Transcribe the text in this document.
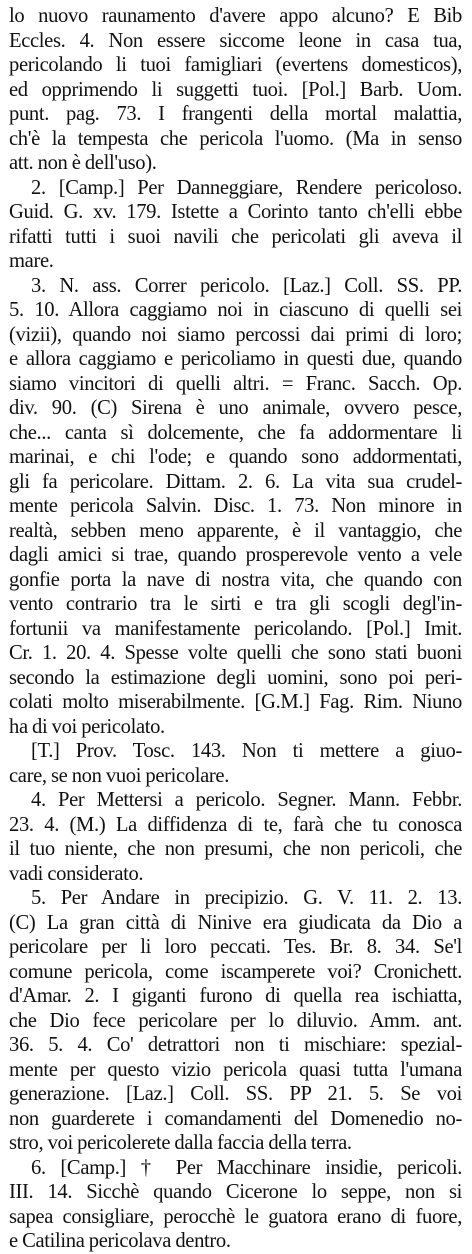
lo nuovo raunamento d'avere appo alcuno? E Bib
Eccles. 4. Non essere siccome leone in casa tua,
pericolando li tuoi famigliari (evertens domesticos),
ed opprimendo li suggetti tuoi. [Pol.] Barb. Uom.
punt. pag. 73. I frangenti della mortal malattia,
ch'è la tempesta che pericola l'uomo. (Ma in senso
att. non è dell'uso).
2. [Camp.] Per Danneggiare, Rendere pericoloso.
Guid. G. xv. 179. Istette a Corinto tanto ch'elli ebbe
rifatti tutti i suoi navili che pericolati gli aveva il
mare.
3. N. ass. Correr pericolo. [Laz.] Coll. SS. PP.
5. 10. Allora caggiamo noi in ciascuno di quelli sei
(vizii), quando noi siamo percossi dai primi di loro;
e allora caggiamo e pericoliamo in questi due, quando
siamo vincitori di quelli altri. = Franc. Sacch. Op.
div. 90. (C) Sirena è uno animale, ovvero pesce,
che... canta sì dolcemente, che fa addormentare li
marinai, e chi l'ode; e quando sono addormentati,
gli fa pericolare. Dittam. 2. 6. La vita sua crudel-
mente pericola Salvin. Disc. 1. 73. Non minore in
realtà, sebben meno apparente, è il vantaggio, che
dagli amici si trae, quando prosperevole vento a vele
gonfie porta la nave di nostra vita, che quando con
vento contrario tra le sirti e tra gli scogli degl'in-
fortunii va manifestamente pericolando. [Pol.] Imit.
Cr. 1. 20. 4. Spesse volte quelli che sono stati buoni
secondo la estimazione degli uomini, sono poi peri-
colati molto miserabilmente. [G.M.] Fag. Rim. Niuno
ha di voi pericolato.
[T.] Prov. Tosc. 143. Non ti mettere a giuo-
care, se non vuoi pericolare.
4. Per Mettersi a pericolo. Segner. Mann. Febbr.
23. 4. (M.) La diffidenza di te, farà che tu conosca
il tuo niente, che non presumi, che non pericoli, che
vadi considerato.
5. Per Andare in precipizio. G. V. 11. 2. 13.
(C) La gran città di Ninive era giudicata da Dio a
pericolare per li loro peccati. Tes. Br. 8. 34. Se'l
comune pericola, come iscamperete voi? Cronichett.
d'Amar. 2. I giganti furono di quella rea ischiatta,
che Dio fece pericolare per lo diluvio. Amm. ant.
36. 5. 4. Co' detrattori non ti mischiare: spezial-
mente per questo vizio pericola quasi tutta l'umana
generazione. [Laz.] Coll. SS. PP 21. 5. Se voi
non guarderete i comandamenti del Domenedio no-
stro, voi pericolerete dalla faccia della terra.
6. [Camp.] † Per Macchinare insidie, pericoli.
III. 14. Sicchè quando Cicerone lo seppe, non si
sapea consigliare, perocchè le guatora erano di fuore,
e Catilina pericolava dentro.
